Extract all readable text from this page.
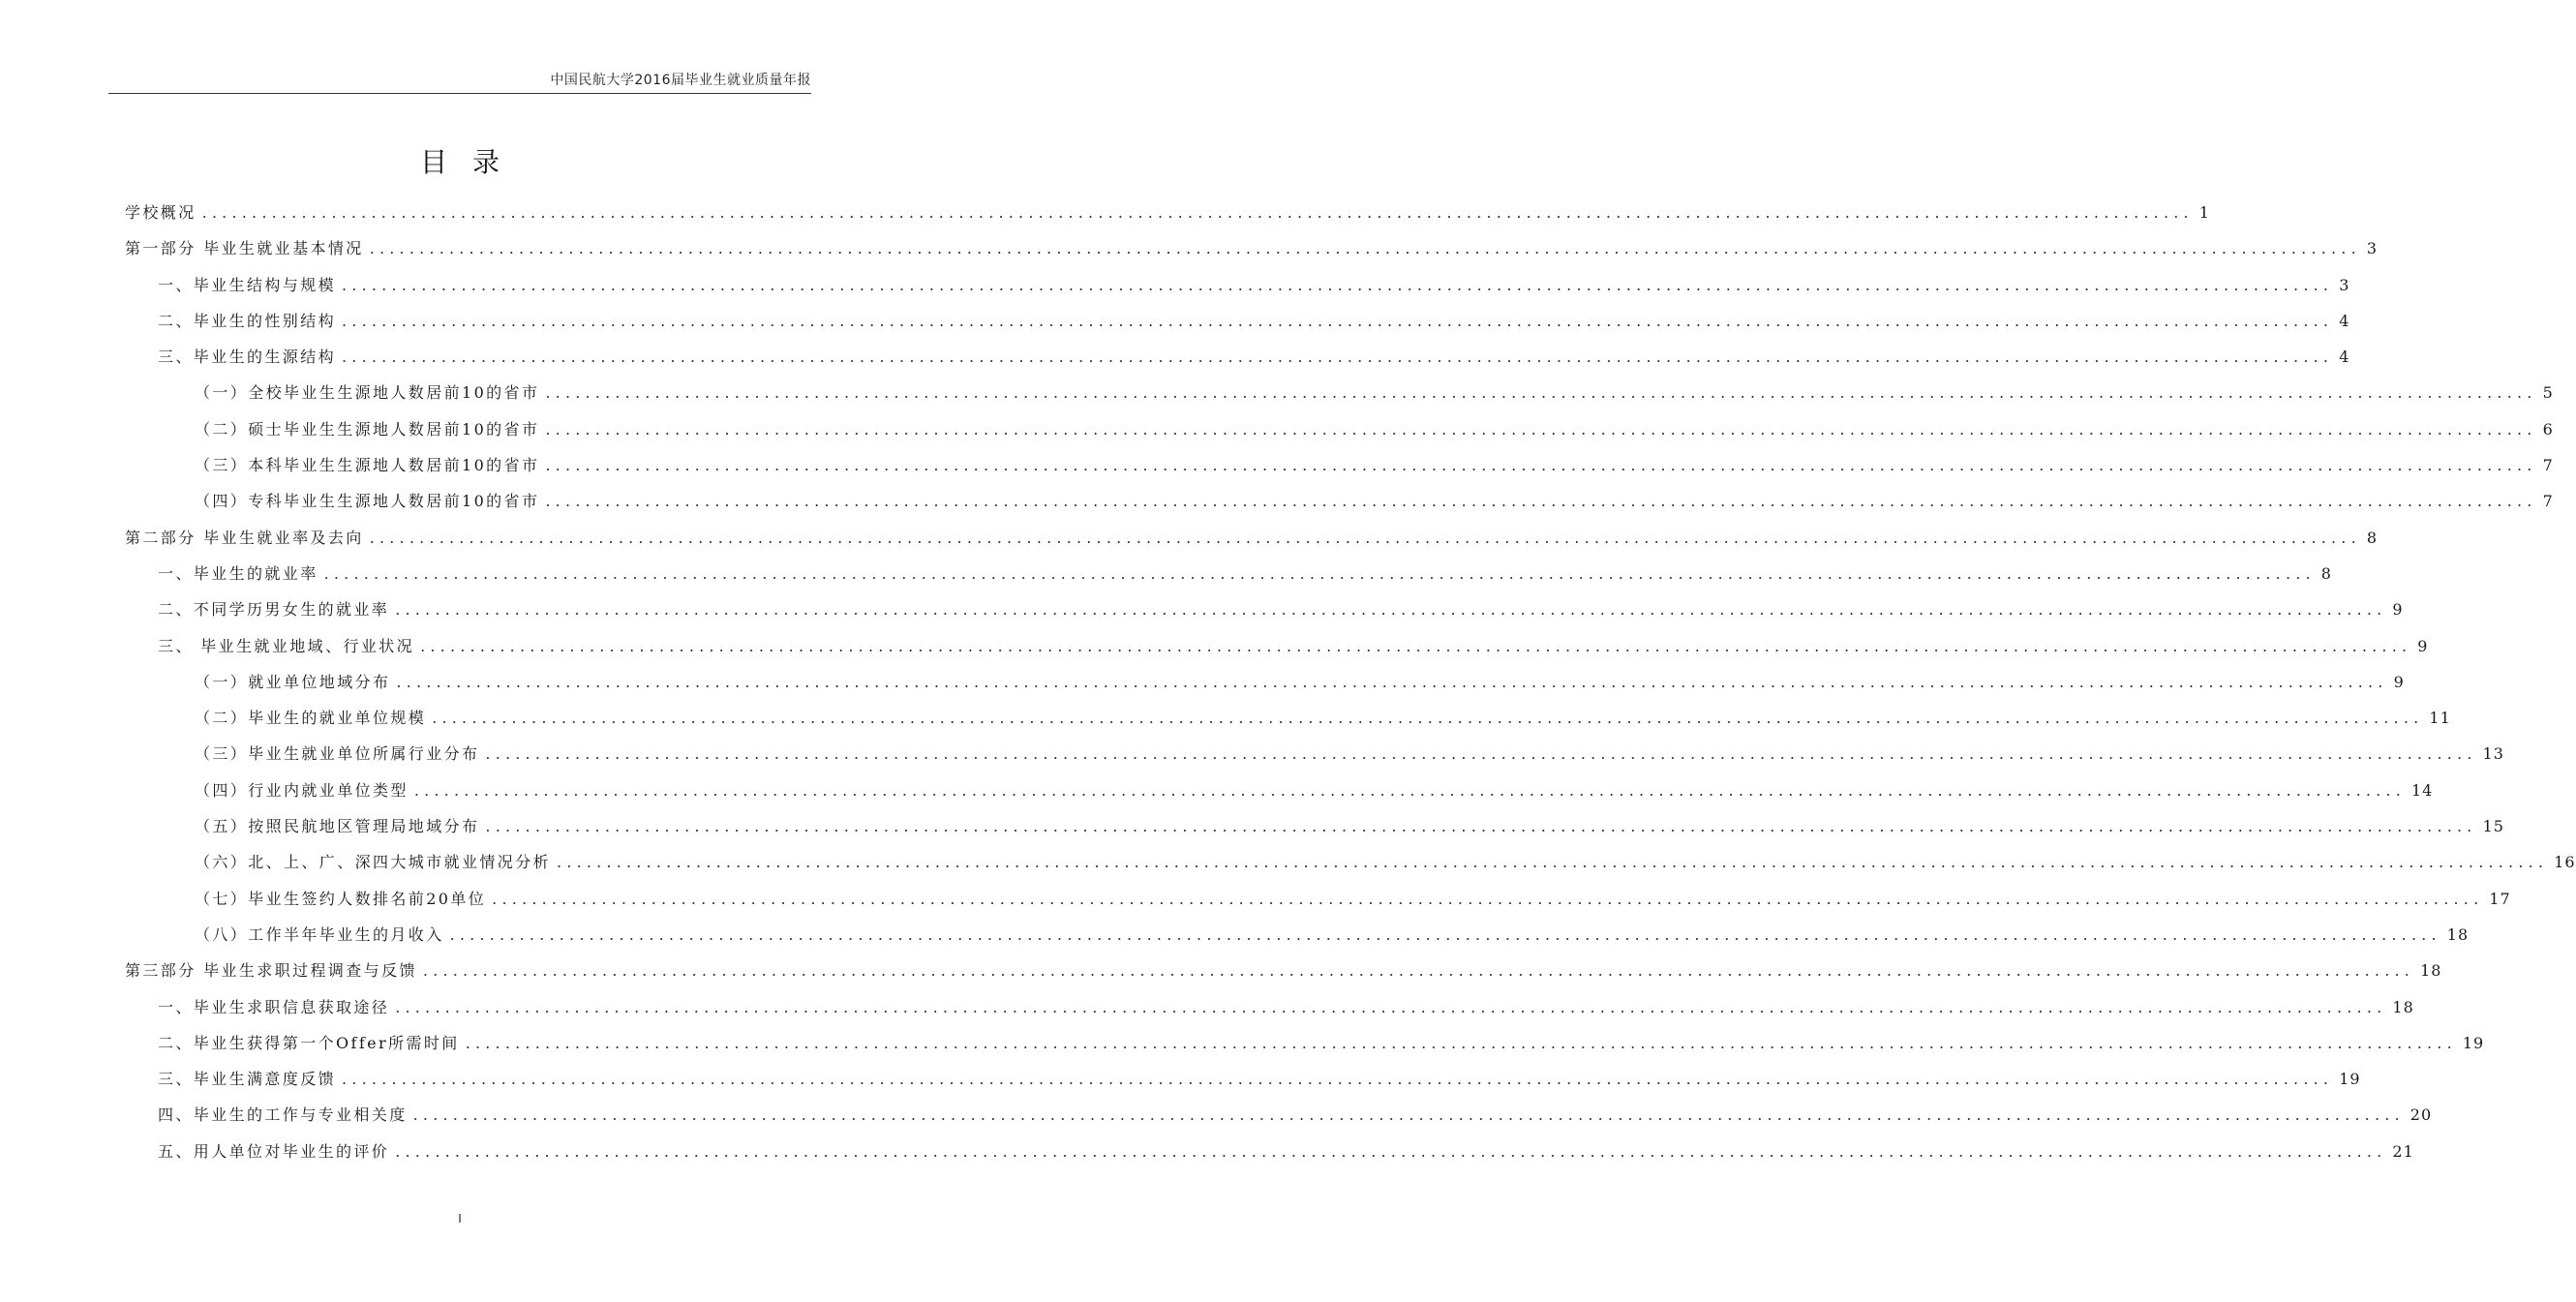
中国民航大学2016届毕业生就业质量年报
目录
学校概况 ........................................................................................................................................................................................................ 1
第一部分 毕业生就业基本情况 ........................................................................................................................................................................................................ 3
一、毕业生结构与规模 ........................................................................................................................................................................................................ 3
二、毕业生的性别结构 ........................................................................................................................................................................................................ 4
三、毕业生的生源结构 ........................................................................................................................................................................................................ 4
（一）全校毕业生生源地人数居前10的省市 ........................................................................................................................................................................................................ 5
（二）硕士毕业生生源地人数居前10的省市 ........................................................................................................................................................................................................ 6
（三）本科毕业生生源地人数居前10的省市 ........................................................................................................................................................................................................ 7
（四）专科毕业生生源地人数居前10的省市 ........................................................................................................................................................................................................ 7
第二部分 毕业生就业率及去向 ........................................................................................................................................................................................................ 8
一、毕业生的就业率 ........................................................................................................................................................................................................ 8
二、不同学历男女生的就业率 ........................................................................................................................................................................................................ 9
三、 毕业生就业地域、行业状况 ........................................................................................................................................................................................................ 9
（一）就业单位地域分布 ........................................................................................................................................................................................................ 9
（二）毕业生的就业单位规模 ........................................................................................................................................................................................................ 11
（三）毕业生就业单位所属行业分布 ........................................................................................................................................................................................................ 13
（四）行业内就业单位类型 ........................................................................................................................................................................................................ 14
（五）按照民航地区管理局地域分布 ........................................................................................................................................................................................................ 15
（六）北、上、广、深四大城市就业情况分析 ........................................................................................................................................................................................................ 16
（七）毕业生签约人数排名前20单位 ........................................................................................................................................................................................................ 17
（八）工作半年毕业生的月收入 ........................................................................................................................................................................................................ 18
第三部分 毕业生求职过程调查与反馈 ........................................................................................................................................................................................................ 18
一、毕业生求职信息获取途径 ........................................................................................................................................................................................................ 18
二、毕业生获得第一个Offer所需时间 ........................................................................................................................................................................................................ 19
三、毕业生满意度反馈 ........................................................................................................................................................................................................ 19
四、毕业生的工作与专业相关度 ........................................................................................................................................................................................................ 20
五、用人单位对毕业生的评价 ........................................................................................................................................................................................................ 21
I
